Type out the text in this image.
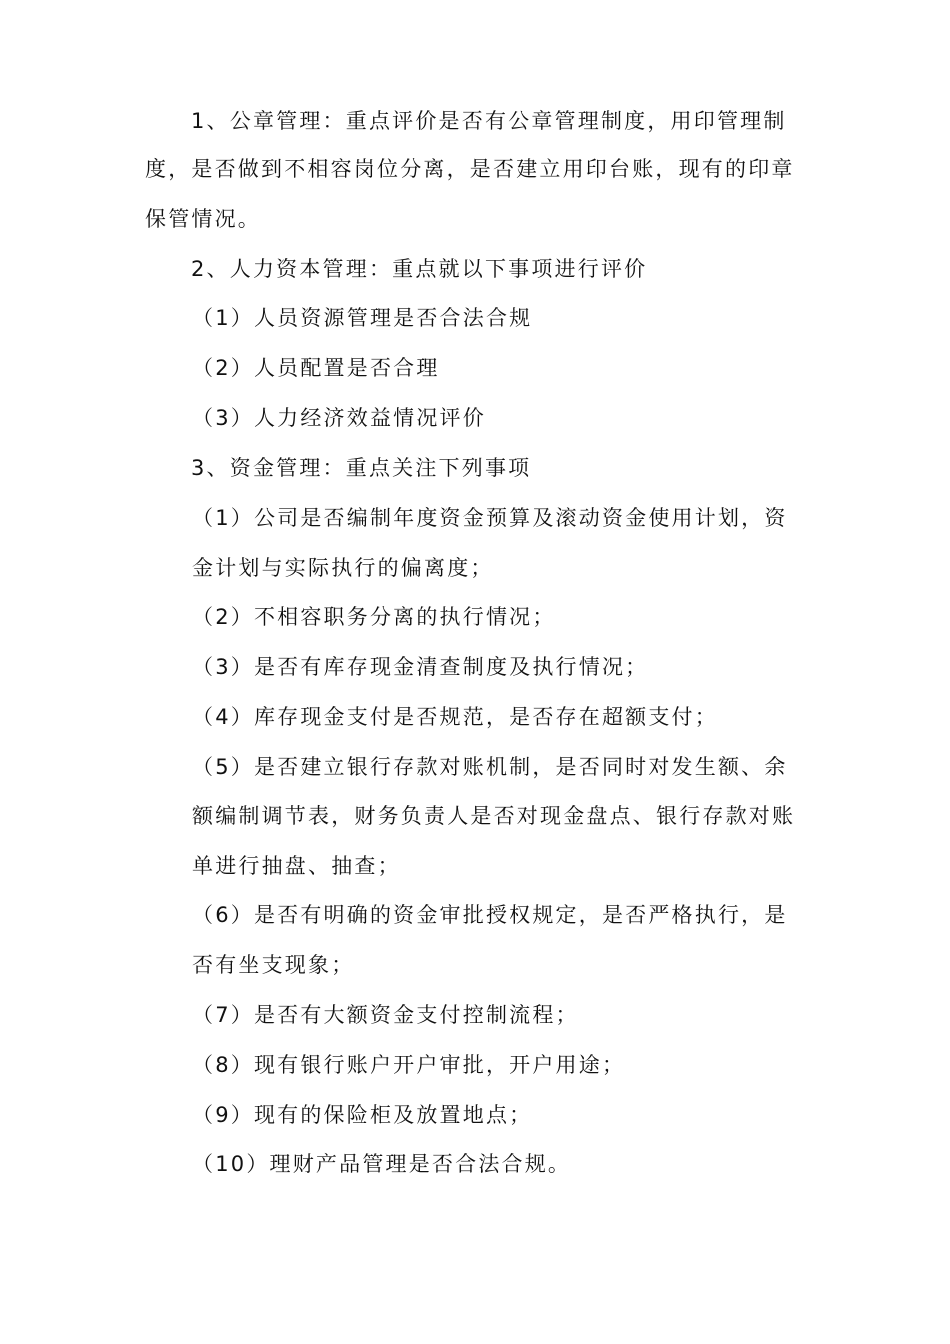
1、公章管理：重点评价是否有公章管理制度，用印管理制

度，是否做到不相容岗位分离，是否建立用印台账，现有的印章

保管情况。

2、人力资本管理：重点就以下事项进行评价

（1）人员资源管理是否合法合规

（2）人员配置是否合理

（3）人力经济效益情况评价

3、资金管理：重点关注下列事项

（1）公司是否编制年度资金预算及滚动资金使用计划，资

金计划与实际执行的偏离度；

（2）不相容职务分离的执行情况；

（3）是否有库存现金清查制度及执行情况；

（4）库存现金支付是否规范，是否存在超额支付；

（5）是否建立银行存款对账机制，是否同时对发生额、余

额编制调节表，财务负责人是否对现金盘点、银行存款对账

单进行抽盘、抽查；

（6）是否有明确的资金审批授权规定，是否严格执行，是

否有坐支现象；

（7）是否有大额资金支付控制流程；

（8）现有银行账户开户审批，开户用途；

（9）现有的保险柜及放置地点；

（10）理财产品管理是否合法合规。
